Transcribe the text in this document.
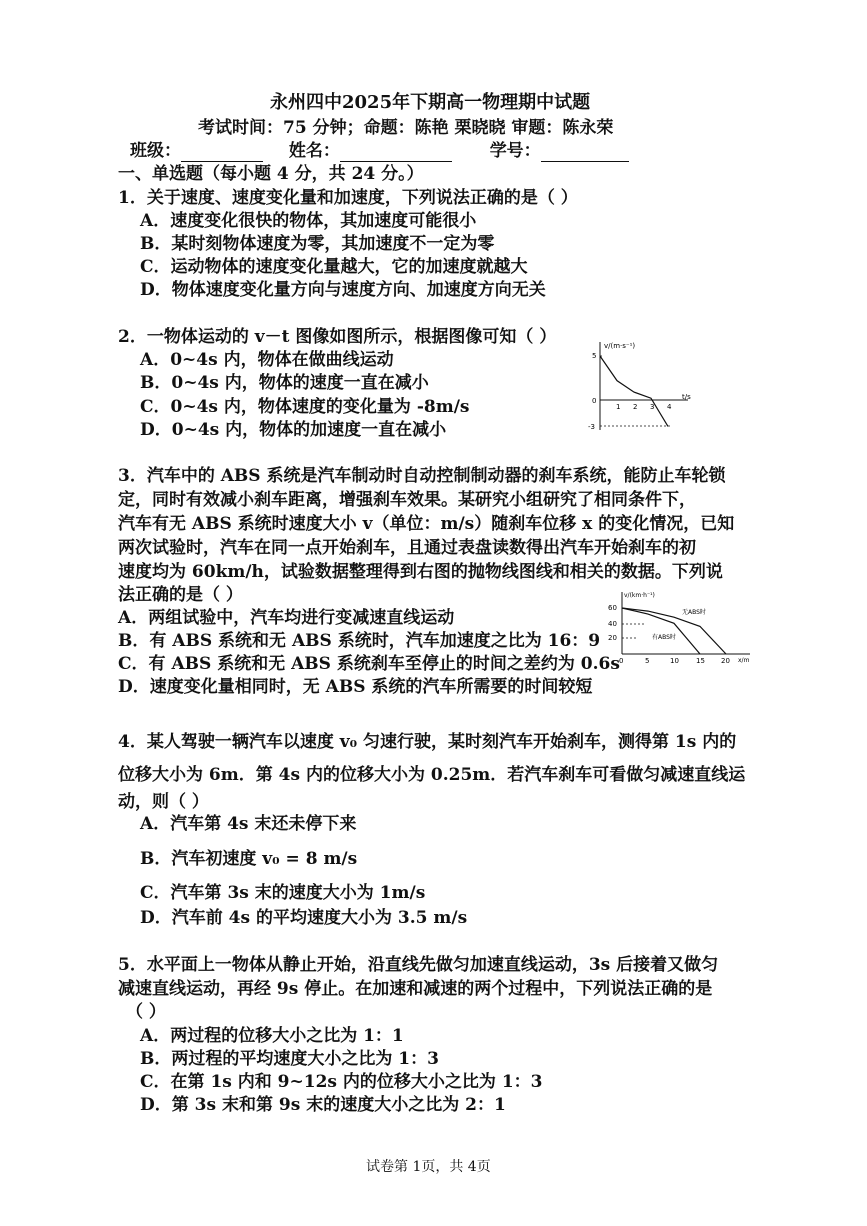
永州四中2025年下期高一物理期中试题
考试时间：75 分钟；命题：陈艳 栗晓晓 审题：陈永荣
班级：	姓名：	学号：
一、单选题（每小题 4 分，共 24 分。）
1．关于速度、速度变化量和加速度，下列说法正确的是（ ）
A．速度变化很快的物体，其加速度可能很小
B．某时刻物体速度为零，其加速度不一定为零
C．运动物体的速度变化量越大，它的加速度就越大
D．物体速度变化量方向与速度方向、加速度方向无关
2．一物体运动的 v－t 图像如图所示，根据图像可知（ ）
A．0~4s 内，物体在做曲线运动
B．0~4s 内，物体的速度一直在减小
C．0~4s 内，物体速度的变化量为 -8m/s
D．0~4s 内，物体的加速度一直在减小
v/(m·s⁻¹)
t/s
5
0
-3
1 2 3 4
3．汽车中的 ABS 系统是汽车制动时自动控制制动器的刹车系统，能防止车轮锁
定，同时有效减小刹车距离，增强刹车效果。某研究小组研究了相同条件下，
汽车有无 ABS 系统时速度大小 v（单位：m/s）随刹车位移 x 的变化情况，已知
两次试验时，汽车在同一点开始刹车，且通过表盘读数得出汽车开始刹车的初
速度均为 60km/h，试验数据整理得到右图的抛物线图线和相关的数据。下列说
法正确的是（ ）
A．两组试验中，汽车均进行变减速直线运动
B．有 ABS 系统和无 ABS 系统时，汽车加速度之比为 16：9
C．有 ABS 系统和无 ABS 系统刹车至停止的时间之差约为 0.6s
D．速度变化量相同时，无 ABS 系统的汽车所需要的时间较短
v/(km·h⁻¹)
x/m
60
40
20
0	5	10 15 20
无ABS时
有ABS时
4．某人驾驶一辆汽车以速度 v₀ 匀速行驶，某时刻汽车开始刹车，测得第 1s 内的
位移大小为 6m．第 4s 内的位移大小为 0.25m．若汽车刹车可看做匀减速直线运
动，则（ ）
A．汽车第 4s 末还未停下来
B．汽车初速度 v₀ = 8 m/s
C．汽车第 3s 末的速度大小为 1m/s
D．汽车前 4s 的平均速度大小为 3.5 m/s
5．水平面上一物体从静止开始，沿直线先做匀加速直线运动，3s 后接着又做匀
减速直线运动，再经 9s 停止。在加速和减速的两个过程中，下列说法正确的是
（ ）
A．两过程的位移大小之比为 1：1
B．两过程的平均速度大小之比为 1：3
C．在第 1s 内和 9~12s 内的位移大小之比为 1：3
D．第 3s 末和第 9s 末的速度大小之比为 2：1
试卷第 1页，共 4页
